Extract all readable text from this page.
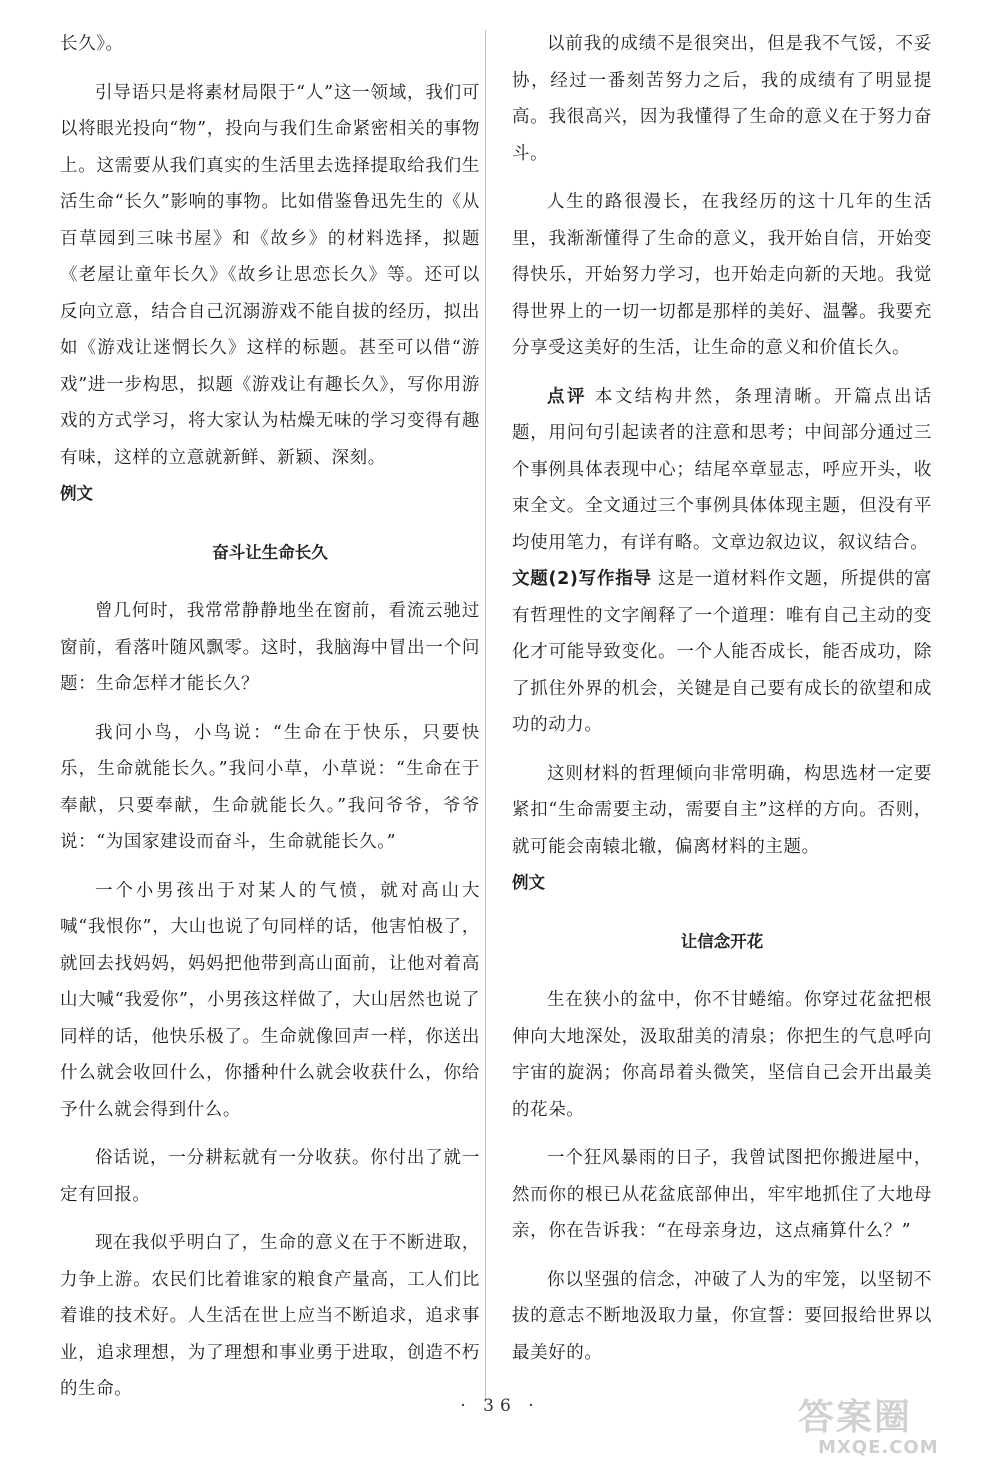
长久》。

引导语只是将素材局限于“人”这一领域，我们可以将眼光投向“物”，投向与我们生命紧密相关的事物上。这需要从我们真实的生活里去选择提取给我们生活生命“长久”影响的事物。比如借鉴鲁迅先生的《从百草园到三味书屋》和《故乡》的材料选择，拟题《老屋让童年长久》《故乡让思恋长久》等。还可以反向立意，结合自己沉溺游戏不能自拔的经历，拟出如《游戏让迷惘长久》这样的标题。甚至可以借“游戏”进一步构思，拟题《游戏让有趣长久》，写你用游戏的方式学习，将大家认为枯燥无味的学习变得有趣有味，这样的立意就新鲜、新颖、深刻。

例文
奋斗让生命长久

曾几何时，我常常静静地坐在窗前，看流云驰过窗前，看落叶随风飘零。这时，我脑海中冒出一个问题：生命怎样才能长久？

我问小鸟，小鸟说：“生命在于快乐，只要快乐，生命就能长久。”我问小草，小草说：“生命在于奉献，只要奉献，生命就能长久。”我问爷爷，爷爷说：“为国家建设而奋斗，生命就能长久。”

一个小男孩出于对某人的气愤，就对高山大喊“我恨你”，大山也说了句同样的话，他害怕极了，就回去找妈妈，妈妈把他带到高山面前，让他对着高山大喊“我爱你”，小男孩这样做了，大山居然也说了同样的话，他快乐极了。生命就像回声一样，你送出什么就会收回什么，你播种什么就会收获什么，你给予什么就会得到什么。

俗话说，一分耕耘就有一分收获。你付出了就一定有回报。

现在我似乎明白了，生命的意义在于不断进取，力争上游。农民们比着谁家的粮食产量高，工人们比着谁的技术好。人生活在世上应当不断追求，追求事业，追求理想，为了理想和事业勇于进取，创造不朽的生命。

以前我的成绩不是很突出，但是我不气馁，不妥协，经过一番刻苦努力之后，我的成绩有了明显提高。我很高兴，因为我懂得了生命的意义在于努力奋斗。

人生的路很漫长，在我经历的这十几年的生活里，我渐渐懂得了生命的意义，我开始自信，开始变得快乐，开始努力学习，也开始走向新的天地。我觉得世界上的一切一切都是那样的美好、温馨。我要充分享受这美好的生活，让生命的意义和价值长久。

点评 本文结构井然，条理清晰。开篇点出话题，用问句引起读者的注意和思考；中间部分通过三个事例具体表现中心；结尾卒章显志，呼应开头，收束全文。全文通过三个事例具体体现主题，但没有平均使用笔力，有详有略。文章边叙边议，叙议结合。

文题(2)写作指导 这是一道材料作文题，所提供的富有哲理性的文字阐释了一个道理：唯有自己主动的变化才可能导致变化。一个人能否成长，能否成功，除了抓住外界的机会，关键是自己要有成长的欲望和成功的动力。

这则材料的哲理倾向非常明确，构思选材一定要紧扣“生命需要主动，需要自主”这样的方向。否则，就可能会南辕北辙，偏离材料的主题。

例文
让信念开花

生在狭小的盆中，你不甘蜷缩。你穿过花盆把根伸向大地深处，汲取甜美的清泉；你把生的气息呼向宇宙的旋涡；你高昂着头微笑，坚信自己会开出最美的花朵。

一个狂风暴雨的日子，我曾试图把你搬进屋中，然而你的根已从花盆底部伸出，牢牢地抓住了大地母亲，你在告诉我：“在母亲身边，这点痛算什么？”

你以坚强的信念，冲破了人为的牢笼，以坚韧不拔的意志不断地汲取力量，你宣誓：要回报给世界以最美好的。

· 36 ·	答案圈
MXQE.COM
